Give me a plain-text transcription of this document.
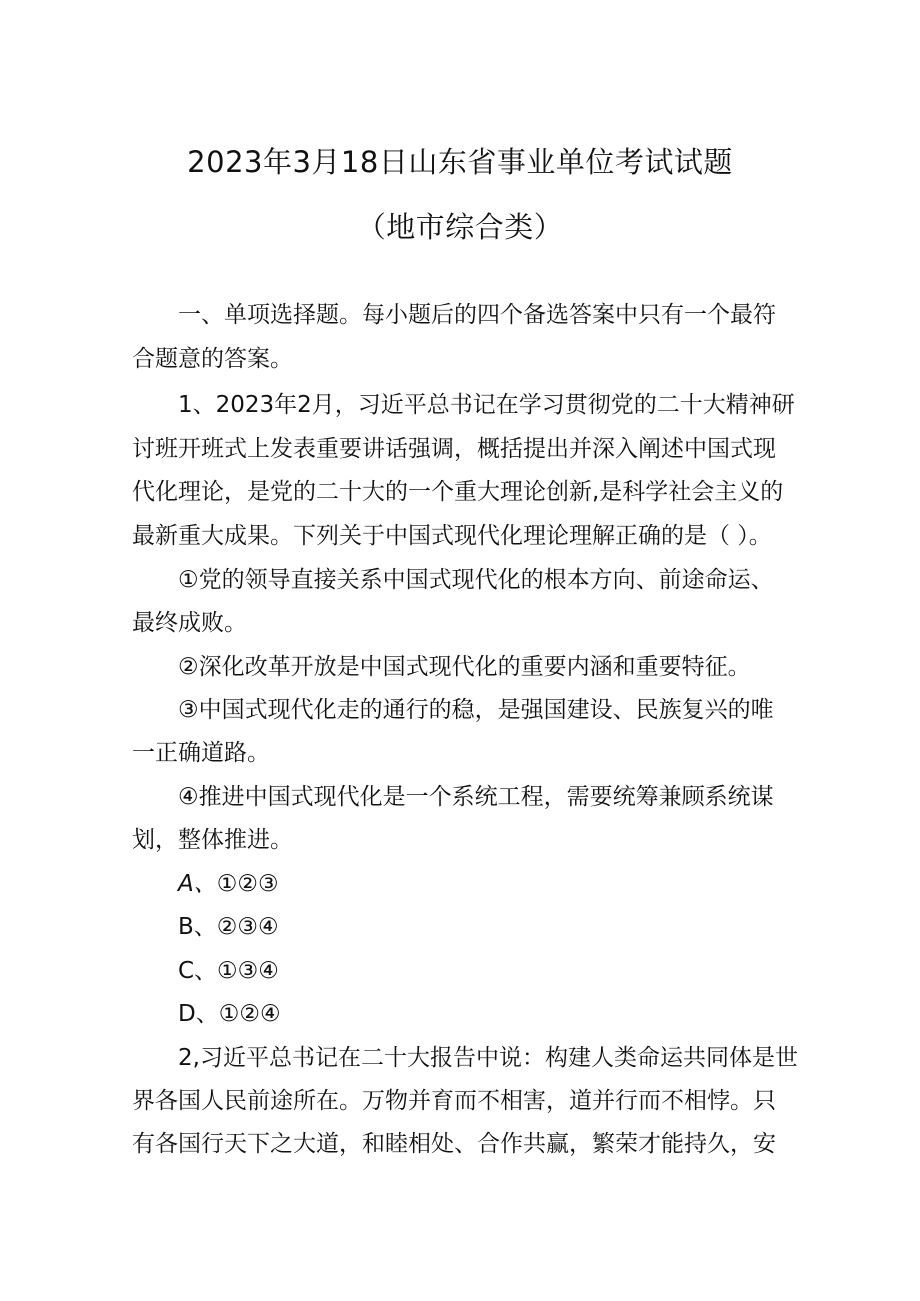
2023年3月18日山东省事业单位考试试题
（地市综合类）
一、单项选择题。每小题后的四个备选答案中只有一个最符
合题意的答案。
1、2023年2月，习近平总书记在学习贯彻党的二十大精神研
讨班开班式上发表重要讲话强调，概括提出并深入阐述中国式现
代化理论，是党的二十大的一个重大理论创新,是科学社会主义的
最新重大成果。下列关于中国式现代化理论理解正确的是（ ）。
①党的领导直接关系中国式现代化的根本方向、前途命运、
最终成败。
②深化改革开放是中国式现代化的重要内涵和重要特征。
③中国式现代化走的通行的稳，是强国建设、民族复兴的唯
一正确道路。
④推进中国式现代化是一个系统工程，需要统筹兼顾系统谋
划，整体推进。
A、①②③
B、②③④
C、①③④
D、①②④
2,习近平总书记在二十大报告中说：构建人类命运共同体是世
界各国人民前途所在。万物并育而不相害，道并行而不相悖。只
有各国行天下之大道，和睦相处、合作共赢，繁荣才能持久，安
